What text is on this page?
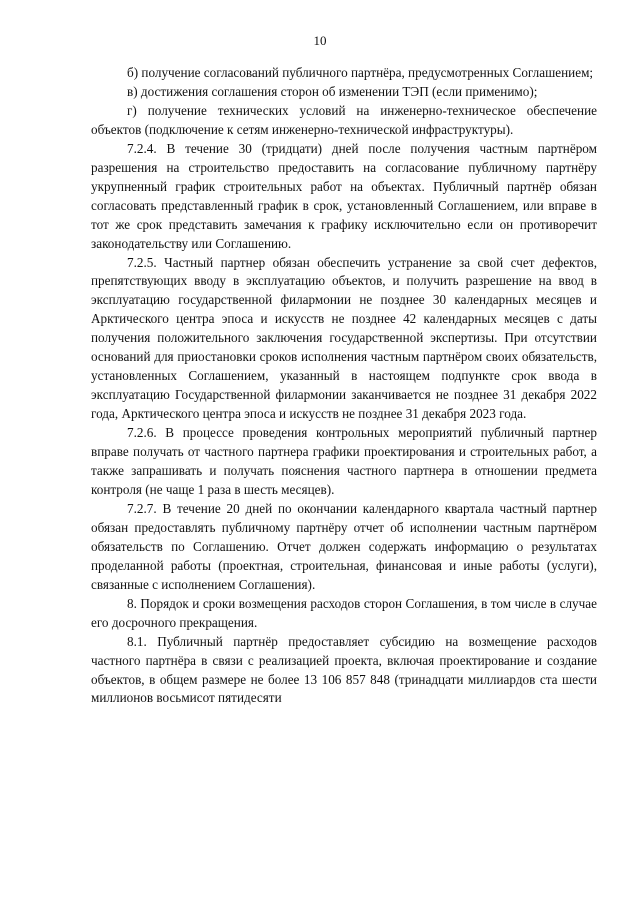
10

б) получение согласований публичного партнёра, предусмотренных Соглашением;

в) достижения соглашения сторон об изменении ТЭП (если применимо);

г) получение технических условий на инженерно-техническое обеспечение объектов (подключение к сетям инженерно-технической инфраструктуры).

7.2.4. В течение 30 (тридцати) дней после получения частным партнёром разрешения на строительство предоставить на согласование публичному партнёру укрупненный график строительных работ на объектах. Публичный партнёр обязан согласовать представленный график в срок, установленный Соглашением, или вправе в тот же срок представить замечания к графику исключительно если он противоречит законодательству или Соглашению.

7.2.5. Частный партнер обязан обеспечить устранение за свой счет дефектов, препятствующих вводу в эксплуатацию объектов, и получить разрешение на ввод в эксплуатацию государственной филармонии не позднее 30 календарных месяцев и Арктического центра эпоса и искусств не позднее 42 календарных месяцев с даты получения положительного заключения государственной экспертизы. При отсутствии оснований для приостановки сроков исполнения частным партнёром своих обязательств, установленных Соглашением, указанный в настоящем подпункте срок ввода в эксплуатацию Государственной филармонии заканчивается не позднее 31 декабря 2022 года, Арктического центра эпоса и искусств не позднее 31 декабря 2023 года.

7.2.6. В процессе проведения контрольных мероприятий публичный партнер вправе получать от частного партнера графики проектирования и строительных работ, а также запрашивать и получать пояснения частного партнера в отношении предмета контроля (не чаще 1 раза в шесть месяцев).

7.2.7. В течение 20 дней по окончании календарного квартала частный партнер обязан предоставлять публичному партнёру отчет об исполнении частным партнёром обязательств по Соглашению. Отчет должен содержать информацию о результатах проделанной работы (проектная, строительная, финансовая и иные работы (услуги), связанные с исполнением Соглашения).

8. Порядок и сроки возмещения расходов сторон Соглашения, в том числе в случае его досрочного прекращения.

8.1. Публичный партнёр предоставляет субсидию на возмещение расходов частного партнёра в связи с реализацией проекта, включая проектирование и создание объектов, в общем размере не более 13 106 857 848 (тринадцати миллиардов ста шести миллионов восьмисот пятидесяти
